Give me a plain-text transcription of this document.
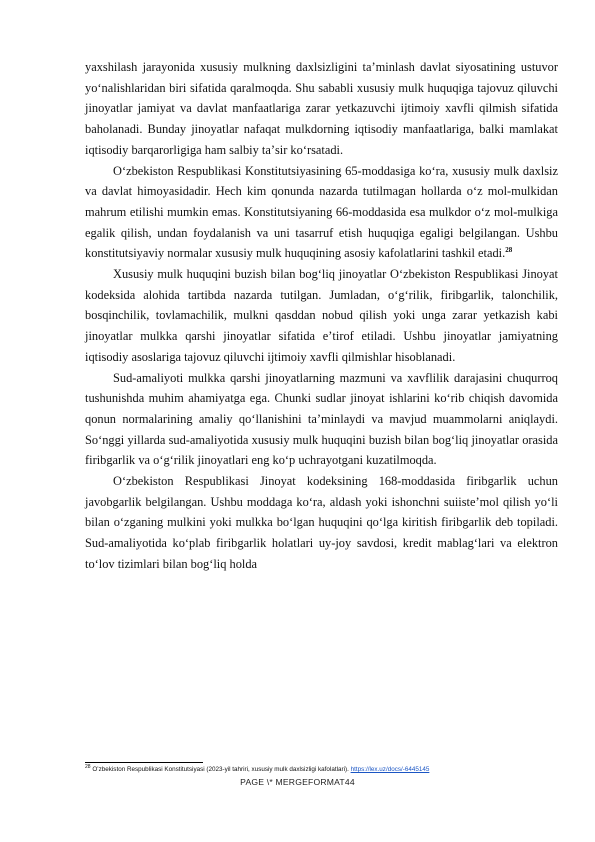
yaxshilash jarayonida xususiy mulkning daxlsizligini taʼminlash davlat siyosatining ustuvor yoʻnalishlaridan biri sifatida qaralmoqda. Shu sababli xususiy mulk huquqiga tajovuz qiluvchi jinoyatlar jamiyat va davlat manfaatlariga zarar yetkazuvchi ijtimoiy xavfli qilmish sifatida baholanadi. Bunday jinoyatlar nafaqat mulkdorning iqtisodiy manfaatlariga, balki mamlakat iqtisodiy barqarorligiga ham salbiy taʼsir koʻrsatadi.

Oʻzbekiston Respublikasi Konstitutsiyasining 65-moddasiga koʻra, xususiy mulk daxlsiz va davlat himoyasidadir. Hech kim qonunda nazarda tutilmagan hollarda oʻz mol-mulkidan mahrum etilishi mumkin emas. Konstitutsiyaning 66-moddasida esa mulkdor oʻz mol-mulkiga egalik qilish, undan foydalanish va uni tasarruf etish huquqiga egaligi belgilangan. Ushbu konstitutsiyaviy normalar xususiy mulk huquqining asosiy kafolatlarini tashkil etadi.$^{28}$

Xususiy mulk huquqini buzish bilan bogʻliq jinoyatlar Oʻzbekiston Respublikasi Jinoyat kodeksida alohida tartibda nazarda tutilgan. Jumladan, oʻgʻrilik, firibgarlik, talonchilik, bosqinchilik, tovlamachilik, mulkni qasddan nobud qilish yoki unga zarar yetkazish kabi jinoyatlar mulkka qarshi jinoyatlar sifatida eʼtirof etiladi. Ushbu jinoyatlar jamiyatning iqtisodiy asoslariga tajovuz qiluvchi ijtimoiy xavfli qilmishlar hisoblanadi.

Sud-amaliyoti mulkka qarshi jinoyatlarning mazmuni va xavflilik darajasini chuqurroq tushunishda muhim ahamiyatga ega. Chunki sudlar jinoyat ishlarini koʻrib chiqish davomida qonun normalarining amaliy qoʻllanishini taʼminlaydi va mavjud muammolarni aniqlaydi. Soʻnggi yillarda sud-amaliyotida xususiy mulk huquqini buzish bilan bogʻliq jinoyatlar orasida firibgarlik va oʻgʻrilik jinoyatlari eng koʻp uchrayotgani kuzatilmoqda.

Oʻzbekiston Respublikasi Jinoyat kodeksining 168-moddasida firibgarlik uchun javobgarlik belgilangan. Ushbu moddaga koʻra, aldash yoki ishonchni suiisteʼmol qilish yoʻli bilan oʻzganing mulkini yoki mulkka boʻlgan huquqini qoʻlga kiritish firibgarlik deb topiladi. Sud-amaliyotida koʻplab firibgarlik holatlari uy-joy savdosi, kredit mablagʻlari va elektron toʻlov tizimlari bilan bogʻliq holda

$^{28}$ Oʻzbekiston Respublikasi Konstitutsiyasi (2023-yil tahriri, xususiy mulk daxlsizligi kafolatlari). https://lex.uz/docs/-6445145
PAGE \* MERGEFORMAT44
